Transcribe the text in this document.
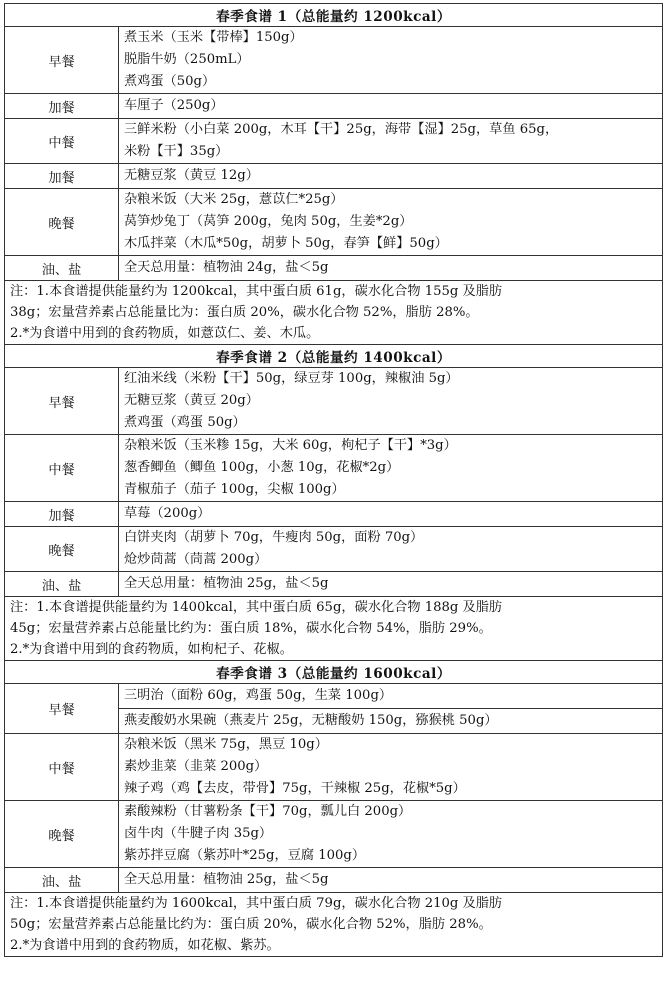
春季食谱 1（总能量约 1200kcal）	
早餐	煮玉米（玉米【带棒】150g）
脱脂牛奶（250mL）
煮鸡蛋（50g）

加餐	车厘子（250g）

中餐	三鲜米粉（小白菜 200g，木耳【干】25g，海带【湿】25g，草鱼 65g，
米粉【干】35g）

加餐	无糖豆浆（黄豆 12g）

晚餐	杂粮米饭（大米 25g，薏苡仁*25g）
莴笋炒兔丁（莴笋 200g，兔肉 50g，生姜*2g）
木瓜拌菜（木瓜*50g，胡萝卜 50g，春笋【鲜】50g）

油、盐	全天总用量：植物油 24g，盐＜5g

注：1.本食谱提供能量约为 1200kcal，其中蛋白质 61g，碳水化合物 155g 及脂肪
38g；宏量营养素占总能量比为：蛋白质 20%，碳水化合物 52%，脂肪 28%。
2.*为食谱中用到的食药物质，如薏苡仁、姜、木瓜。	

春季食谱 2（总能量约 1400kcal）	
早餐	红油米线（米粉【干】50g，绿豆芽 100g，辣椒油 5g）
无糖豆浆（黄豆 20g）
煮鸡蛋（鸡蛋 50g）

中餐	杂粮米饭（玉米糁 15g，大米 60g，枸杞子【干】*3g）
葱香鲫鱼（鲫鱼 100g，小葱 10g，花椒*2g）
青椒茄子（茄子 100g，尖椒 100g）

加餐	草莓（200g）

晚餐	白饼夹肉（胡萝卜 70g，牛瘦肉 50g，面粉 70g）
炝炒茼蒿（茼蒿 200g）

油、盐	全天总用量：植物油 25g，盐＜5g

注：1.本食谱提供能量约为 1400kcal，其中蛋白质 65g，碳水化合物 188g 及脂肪
45g；宏量营养素占总能量比约为：蛋白质 18%，碳水化合物 54%，脂肪 29%。
2.*为食谱中用到的食药物质，如枸杞子、花椒。	

春季食谱 3（总能量约 1600kcal）	
早餐	三明治（面粉 60g，鸡蛋 50g，生菜 100g）

	燕麦酸奶水果碗（燕麦片 25g，无糖酸奶 150g，猕猴桃 50g）

中餐	杂粮米饭（黑米 75g，黑豆 10g）
素炒韭菜（韭菜 200g）
辣子鸡（鸡【去皮，带骨】75g，干辣椒 25g，花椒*5g）

晚餐	素酸辣粉（甘薯粉条【干】70g，瓢儿白 200g）
卤牛肉（牛腱子肉 35g）
紫苏拌豆腐（紫苏叶*25g，豆腐 100g）

油、盐	全天总用量：植物油 25g，盐＜5g

注：1.本食谱提供能量约为 1600kcal，其中蛋白质 79g，碳水化合物 210g 及脂肪
50g；宏量营养素占总能量比约为：蛋白质 20%，碳水化合物 52%，脂肪 28%。
2.*为食谱中用到的食药物质，如花椒、紫苏。	
